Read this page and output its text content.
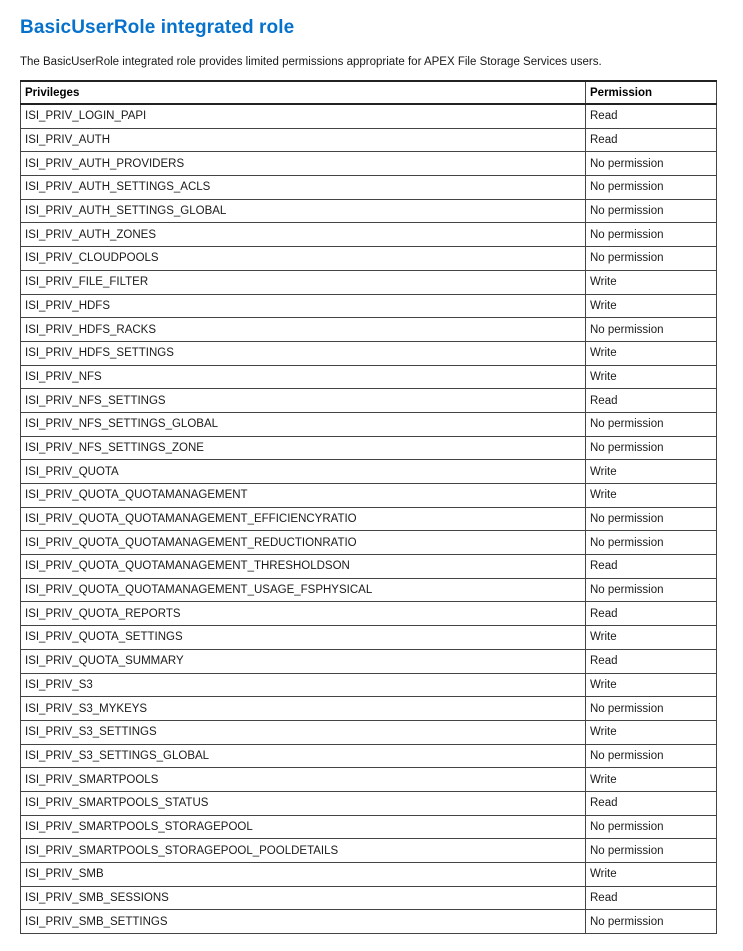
BasicUserRole integrated role

The BasicUserRole integrated role provides limited permissions appropriate for APEX File Storage Services users.

Privileges	Permission
ISI_PRIV_LOGIN_PAPI	Read
ISI_PRIV_AUTH	Read
ISI_PRIV_AUTH_PROVIDERS	No permission
ISI_PRIV_AUTH_SETTINGS_ACLS	No permission
ISI_PRIV_AUTH_SETTINGS_GLOBAL	No permission
ISI_PRIV_AUTH_ZONES	No permission
ISI_PRIV_CLOUDPOOLS	No permission
ISI_PRIV_FILE_FILTER	Write
ISI_PRIV_HDFS	Write
ISI_PRIV_HDFS_RACKS	No permission
ISI_PRIV_HDFS_SETTINGS	Write
ISI_PRIV_NFS	Write
ISI_PRIV_NFS_SETTINGS	Read
ISI_PRIV_NFS_SETTINGS_GLOBAL	No permission
ISI_PRIV_NFS_SETTINGS_ZONE	No permission
ISI_PRIV_QUOTA	Write
ISI_PRIV_QUOTA_QUOTAMANAGEMENT	Write
ISI_PRIV_QUOTA_QUOTAMANAGEMENT_EFFICIENCYRATIO	No permission
ISI_PRIV_QUOTA_QUOTAMANAGEMENT_REDUCTIONRATIO	No permission
ISI_PRIV_QUOTA_QUOTAMANAGEMENT_THRESHOLDSON	Read
ISI_PRIV_QUOTA_QUOTAMANAGEMENT_USAGE_FSPHYSICAL	No permission
ISI_PRIV_QUOTA_REPORTS	Read
ISI_PRIV_QUOTA_SETTINGS	Write
ISI_PRIV_QUOTA_SUMMARY	Read
ISI_PRIV_S3	Write
ISI_PRIV_S3_MYKEYS	No permission
ISI_PRIV_S3_SETTINGS	Write
ISI_PRIV_S3_SETTINGS_GLOBAL	No permission
ISI_PRIV_SMARTPOOLS	Write
ISI_PRIV_SMARTPOOLS_STATUS	Read
ISI_PRIV_SMARTPOOLS_STORAGEPOOL	No permission
ISI_PRIV_SMARTPOOLS_STORAGEPOOL_POOLDETAILS	No permission
ISI_PRIV_SMB	Write
ISI_PRIV_SMB_SESSIONS	Read
ISI_PRIV_SMB_SETTINGS	No permission
